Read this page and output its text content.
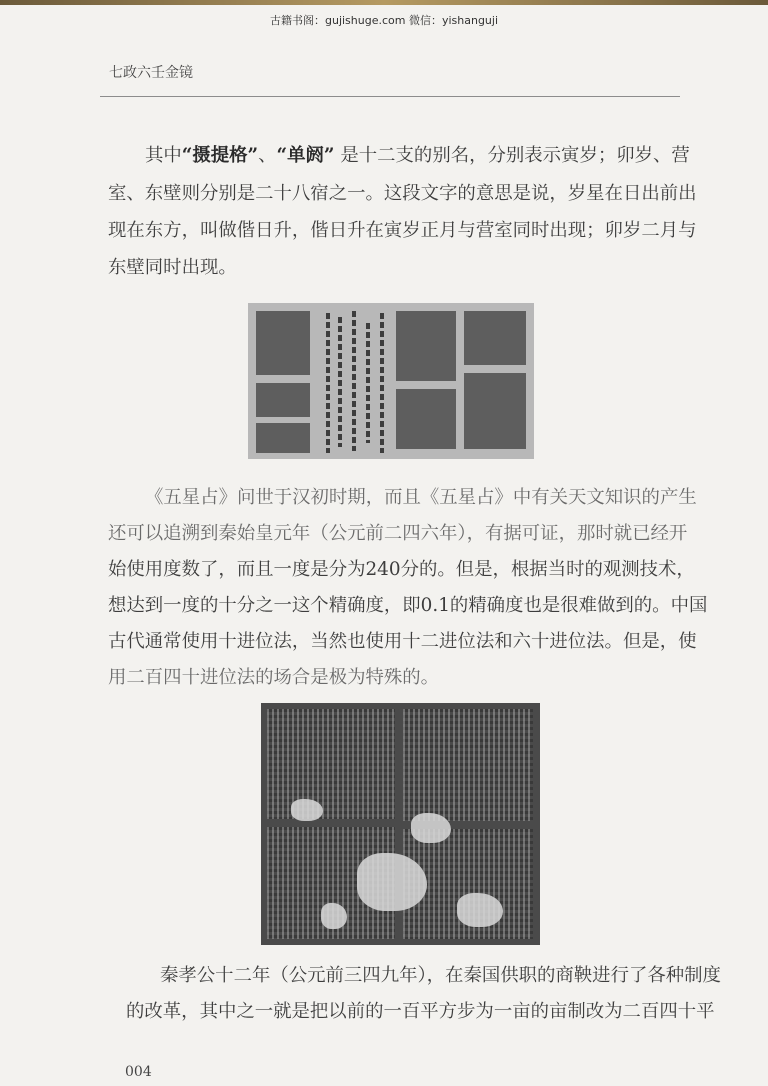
古籍书阁：gujishuge.com 微信：yishanguji
七政六壬金镜
其中“摄提格”、“单阏” 是十二支的别名，分别表示寅岁；卯岁、营
室、东壁则分别是二十八宿之一。这段文字的意思是说，岁星在日出前出
现在东方，叫做偕日升，偕日升在寅岁正月与营室同时出现；卯岁二月与
东壁同时出现。
《五星占》问世于汉初时期，而且《五星占》中有关天文知识的产生
还可以追溯到秦始皇元年（公元前二四六年），有据可证，那时就已经开
始使用度数了，而且一度是分为240分的。但是，根据当时的观测技术，
想达到一度的十分之一这个精确度，即0.1的精确度也是很难做到的。中国
古代通常使用十进位法，当然也使用十二进位法和六十进位法。但是，使
用二百四十进位法的场合是极为特殊的。
秦孝公十二年（公元前三四九年），在秦国供职的商鞅进行了各种制度
的改革，其中之一就是把以前的一百平方步为一亩的亩制改为二百四十平
004
